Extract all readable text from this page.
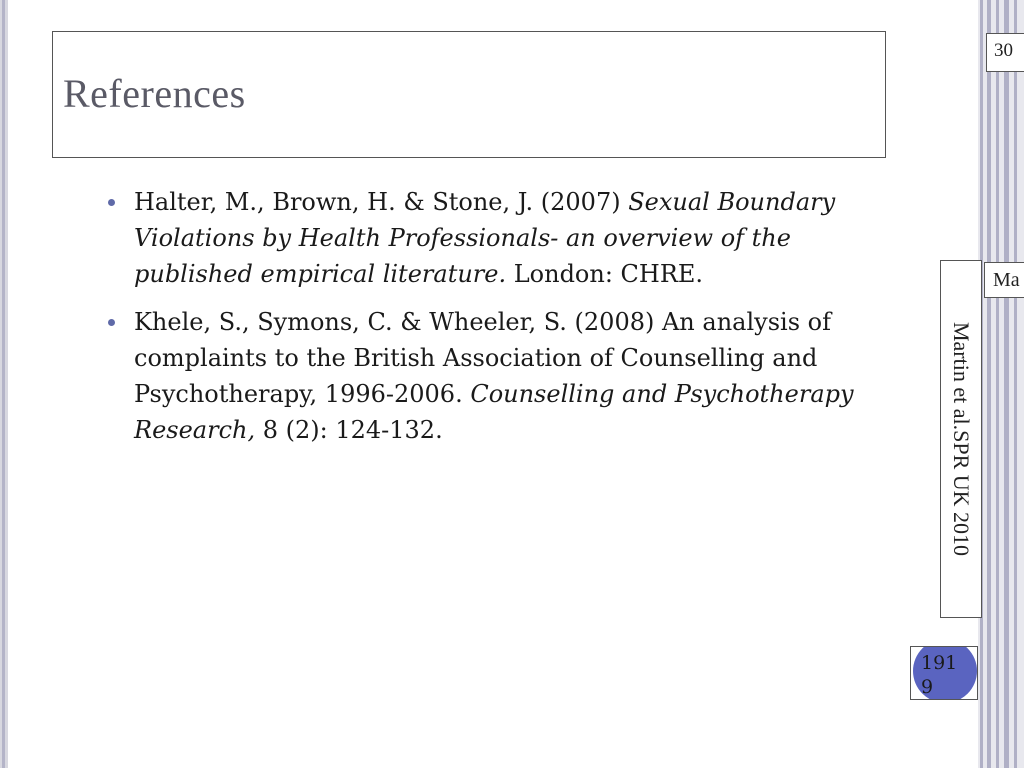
References
Halter, M., Brown, H. & Stone, J. (2007) Sexual Boundary Violations by Health Professionals- an overview of the published empirical literature. London: CHRE.
Khele, S., Symons, C. & Wheeler, S. (2008) An analysis of complaints to the British Association of Counselling and Psychotherapy, 1996-2006. Counselling and Psychotherapy Research, 8 (2): 124-132.
30
Martin et al.SPR UK 2010
Ma
1919
